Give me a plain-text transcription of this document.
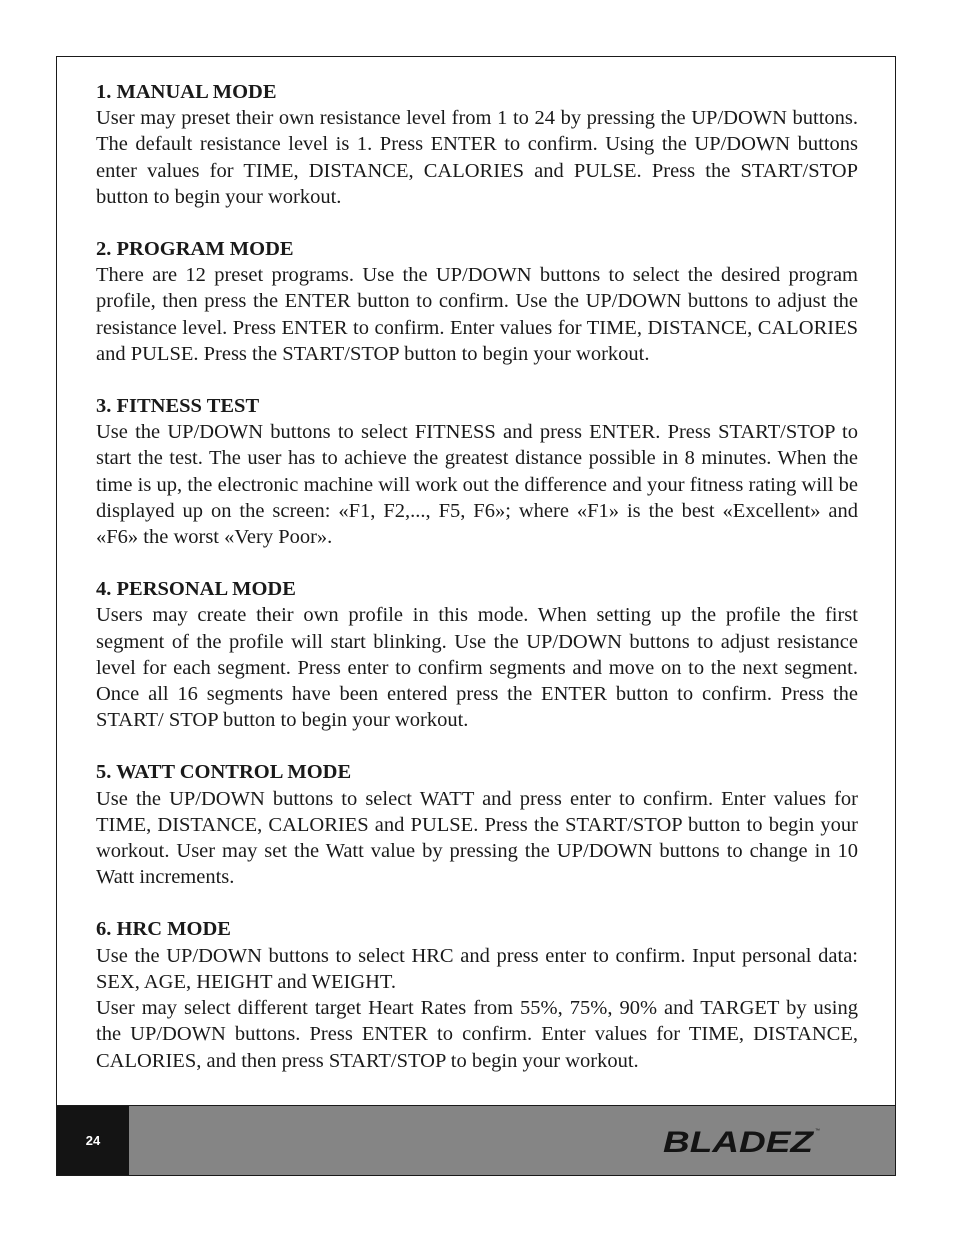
1. MANUAL MODE

User may preset their own resistance level from 1 to 24 by pressing the UP/DOWN buttons. The default resistance level is 1. Press ENTER to confirm. Using the UP/DOWN buttons enter values for TIME, DISTANCE, CALORIES and PULSE. Press the START/STOP button to begin your workout.

2. PROGRAM MODE

There are 12 preset programs. Use the UP/DOWN buttons to select the desired program profile, then press the ENTER button to confirm. Use the UP/DOWN buttons to adjust the resistance level. Press ENTER to confirm. Enter values for TIME, DISTANCE, CALORIES and PULSE. Press the START/STOP button to begin your workout.

3. FITNESS TEST

Use the UP/DOWN buttons to select FITNESS and press ENTER. Press START/STOP to start the test. The user has to achieve the greatest distance possible in 8 minutes. When the time is up, the electronic machine will work out the difference and your fitness rating will be displayed up on the screen: «F1, F2,..., F5, F6»; where «F1» is the best «Excellent» and «F6» the worst «Very Poor».

4. PERSONAL MODE

Users may create their own profile in this mode. When setting up the profile the first segment of the profile will start blinking. Use the UP/DOWN buttons to adjust resistance level for each segment. Press enter to confirm segments and move on to the next segment. Once all 16 segments have been entered press the ENTER button to confirm. Press the START/ STOP button to begin your workout.

5. WATT CONTROL MODE

Use the UP/DOWN buttons to select WATT and press enter to confirm. Enter values for TIME, DISTANCE, CALORIES and PULSE. Press the START/STOP button to begin your workout. User may set the Watt value by pressing the UP/DOWN buttons to change in 10 Watt increments.

6. HRC MODE

Use the UP/DOWN buttons to select HRC and press enter to confirm. Input personal data: SEX, AGE, HEIGHT and WEIGHT.

User may select different target Heart Rates from 55%, 75%, 90% and TARGET by using the UP/DOWN buttons. Press ENTER to confirm. Enter values for TIME, DISTANCE, CALORIES, and then press START/STOP to begin your workout.

24	BLADEZ ™
